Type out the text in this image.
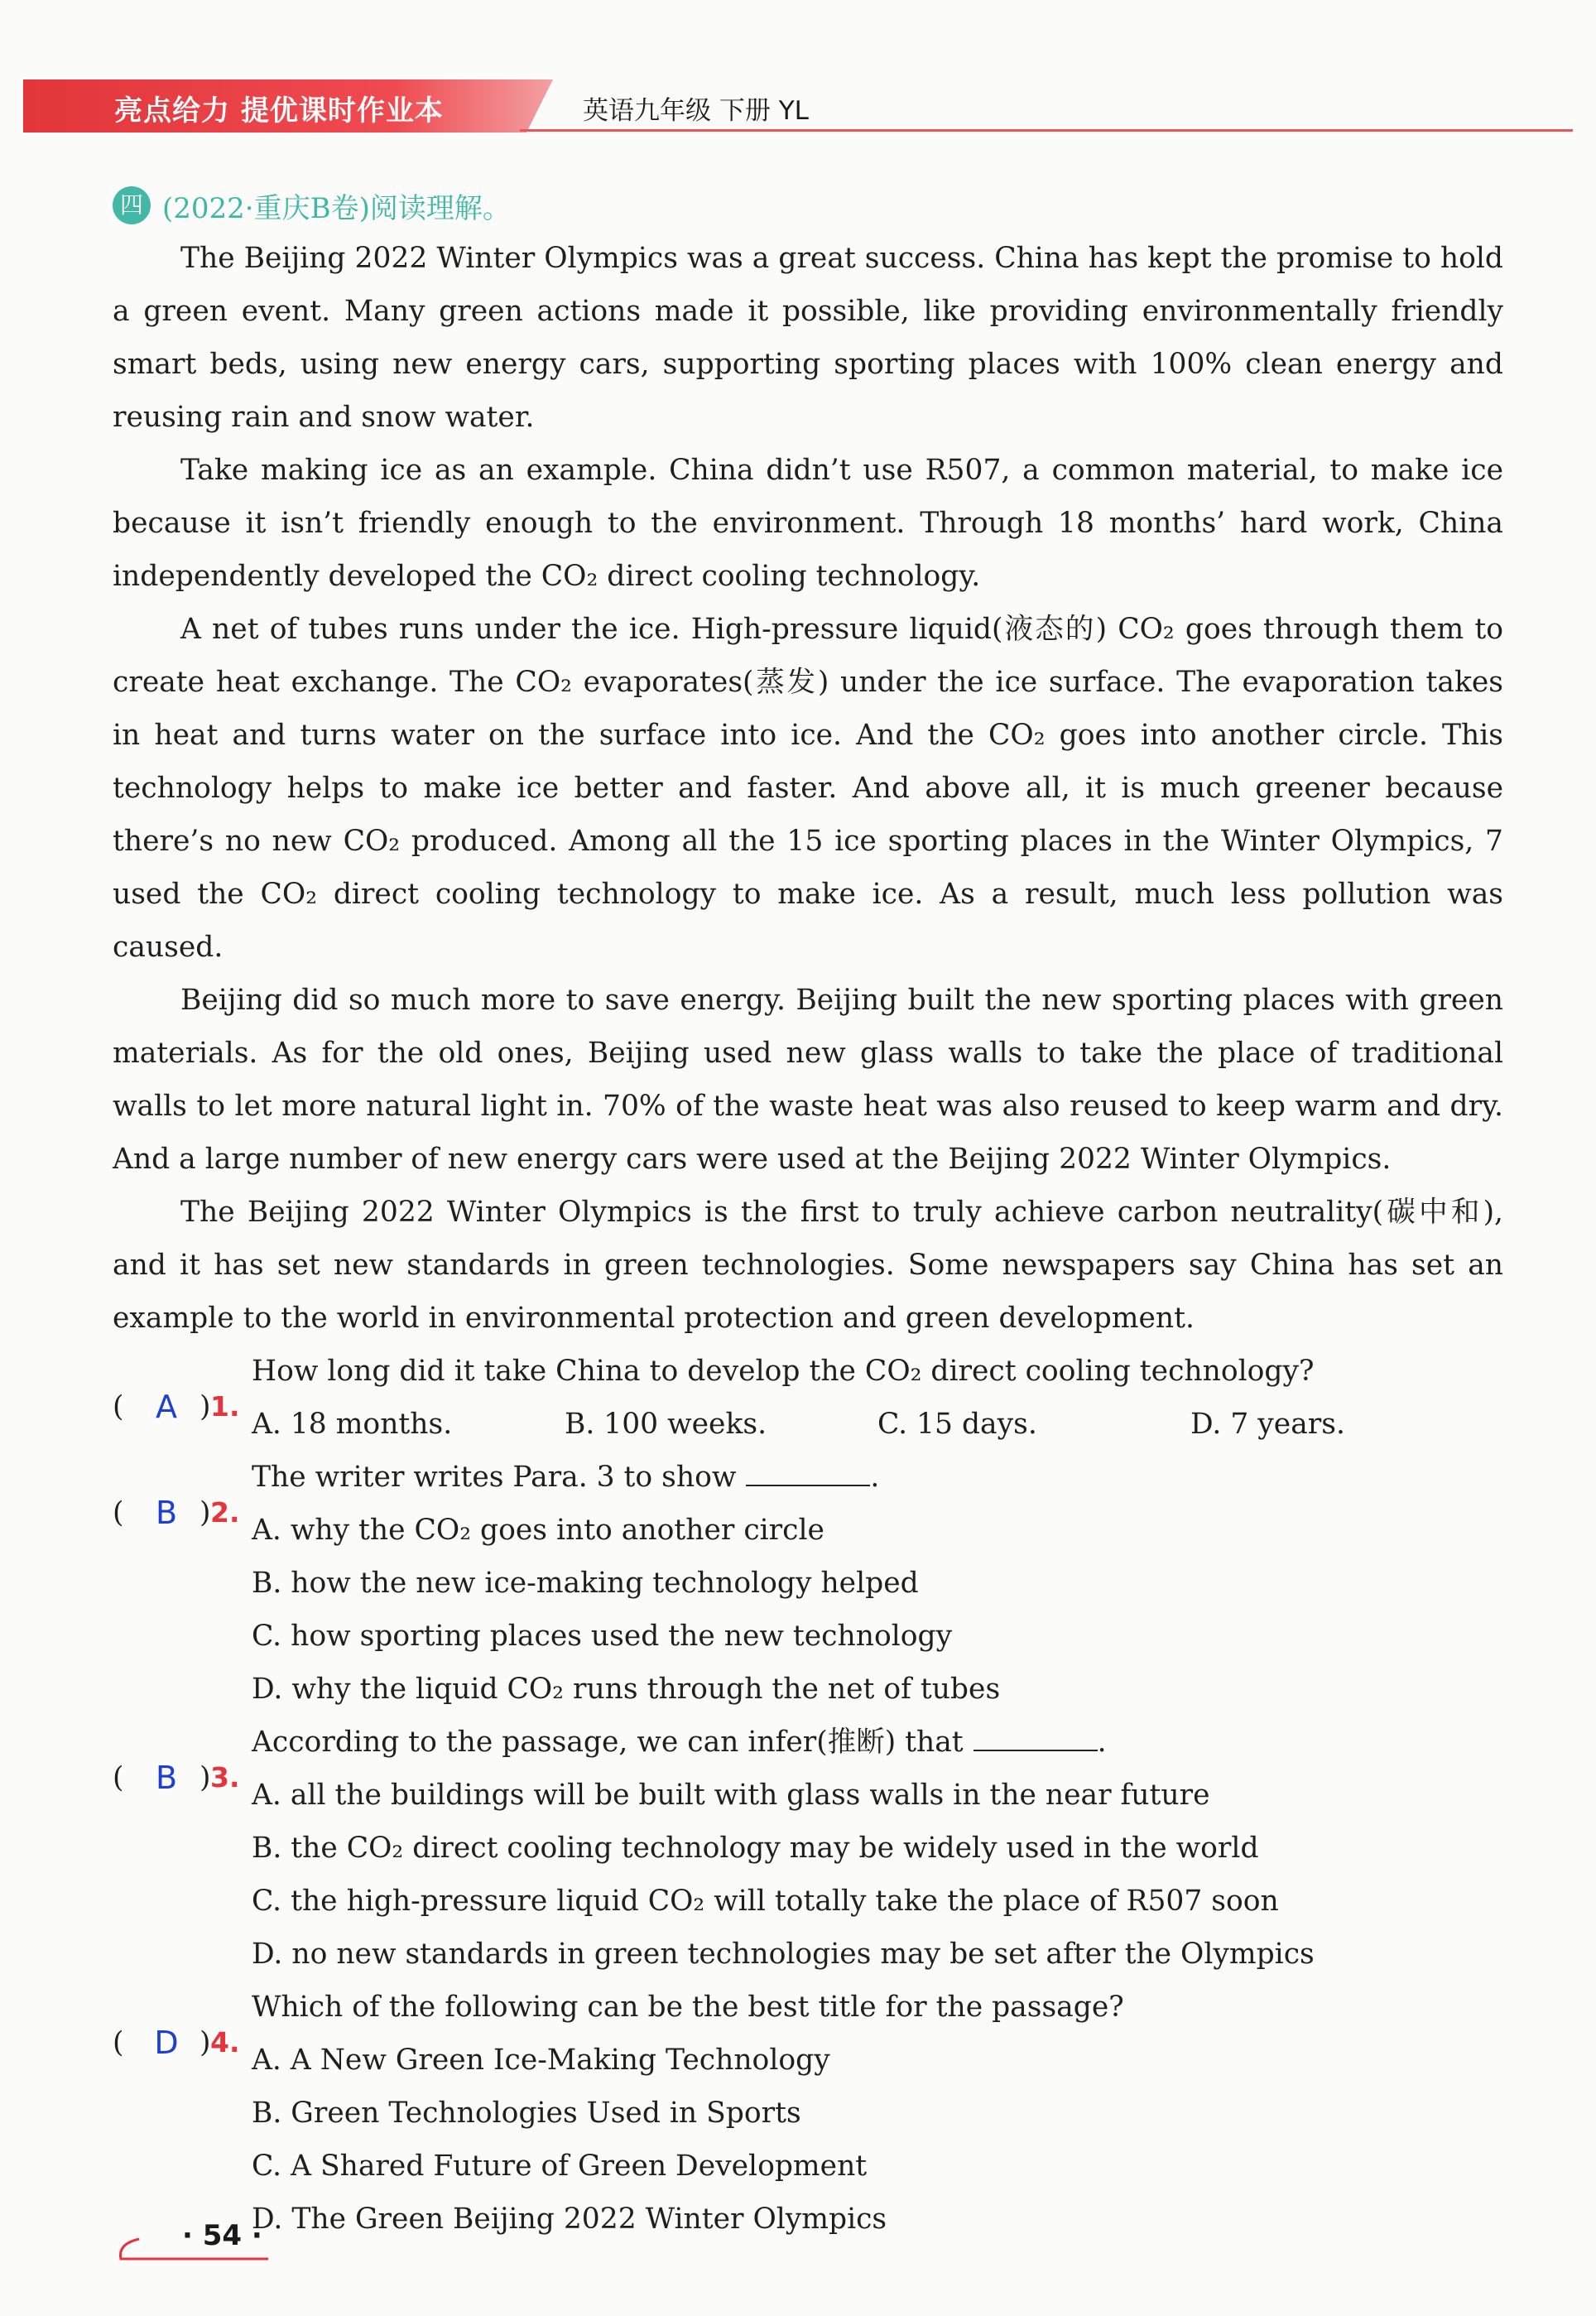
亮点给力 提优课时作业本	英语九年级 下册 YL
四 (2022·重庆B卷)阅读理解。

The Beijing 2022 Winter Olympics was a great success. China has kept the promise to hold a green event. Many green actions made it possible, like providing environmentally friendly smart beds, using new energy cars, supporting sporting places with 100% clean energy and reusing rain and snow water.

Take making ice as an example. China didn’t use R507, a common material, to make ice because it isn’t friendly enough to the environment. Through 18 months’ hard work, China independently developed the CO₂ direct cooling technology.

A net of tubes runs under the ice. High-pressure liquid(液态的) CO₂ goes through them to create heat exchange. The CO₂ evaporates(蒸发) under the ice surface. The evaporation takes in heat and turns water on the surface into ice. And the CO₂ goes into another circle. This technology helps to make ice better and faster. And above all, it is much greener because there’s no new CO₂ produced. Among all the 15 ice sporting places in the Winter Olympics, 7 used the CO₂ direct cooling technology to make ice. As a result, much less pollution was caused.

Beijing did so much more to save energy. Beijing built the new sporting places with green materials. As for the old ones, Beijing used new glass walls to take the place of traditional walls to let more natural light in. 70% of the waste heat was also reused to keep warm and dry. And a large number of new energy cars were used at the Beijing 2022 Winter Olympics.

The Beijing 2022 Winter Olympics is the first to truly achieve carbon neutrality(碳中和), and it has set new standards in green technologies. Some newspapers say China has set an example to the world in environmental protection and green development.

(	A ) 1.
How long did it take China to develop the CO₂ direct cooling technology?
A. 18 months.	B. 100 weeks.	C. 15 days.	D. 7 years.
(	B ) 2.
The writer writes Para. 3 to show	.
A. why the CO₂ goes into another circle
B. how the new ice-making technology helped
C. how sporting places used the new technology
D. why the liquid CO₂ runs through the net of tubes
(	B ) 3.
According to the passage, we can infer(推断) that	.
A. all the buildings will be built with glass walls in the near future
B. the CO₂ direct cooling technology may be widely used in the world
C. the high-pressure liquid CO₂ will totally take the place of R507 soon
D. no new standards in green technologies may be set after the Olympics
( D ) 4.
Which of the following can be the best title for the passage?
A. A New Green Ice-Making Technology
B. Green Technologies Used in Sports
C. A Shared Future of Green Development
D. The Green Beijing 2022 Winter Olympics
· 54 ·
